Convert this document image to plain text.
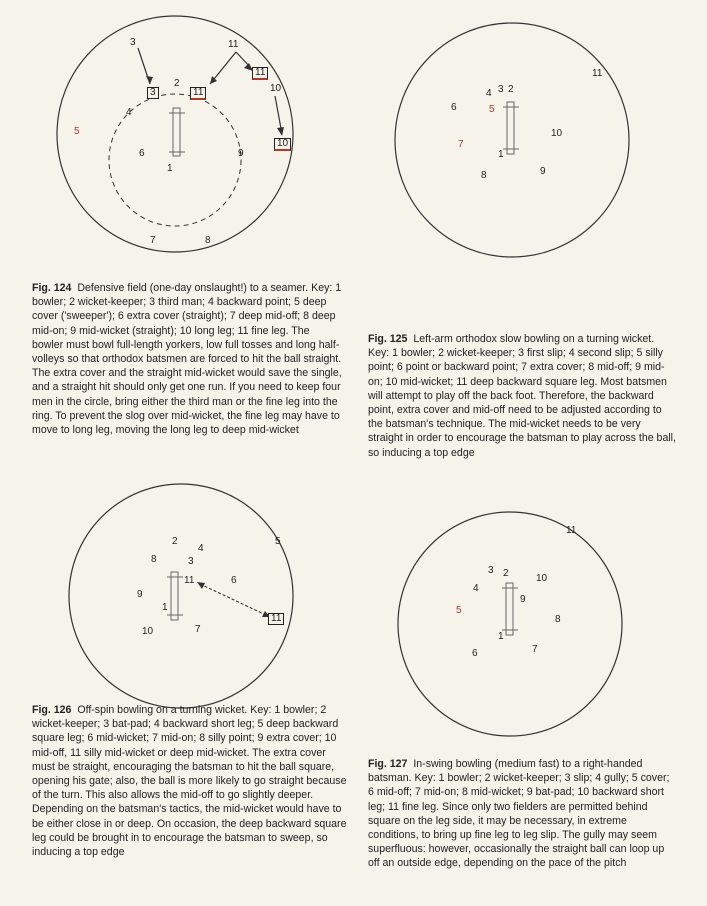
3	11
11
10
3
2
11
4
5
6
1
9
10
7	8
Fig. 124 Defensive field (one-day onslaught!) to a seamer. Key: 1 bowler; 2 wicket-keeper; 3 third man; 4 backward point; 5 deep cover ('sweeper'); 6 extra cover (straight); 7 deep mid-off; 8 deep mid-on; 9 mid-wicket (straight); 10 long leg; 11 fine leg. The bowler must bowl full-length yorkers, low full tosses and long half-volleys so that orthodox batsmen are forced to hit the ball straight. The extra cover and the straight mid-wicket would save the single, and a straight hit should only get one run. If you need to keep four men in the circle, bring either the third man or the fine leg into the ring. To prevent the slog over mid-wicket, the fine leg may have to move to long leg, moving the long leg to deep mid-wicket
11
4 3 2
6	5
10
7
1
9
8
Fig. 125 Left-arm orthodox slow bowling on a turning wicket. Key: 1 bowler; 2 wicket-keeper; 3 first slip; 4 second slip; 5 silly point; 6 point or backward point; 7 extra cover; 8 mid-off; 9 mid-on; 10 mid-wicket; 11 deep backward square leg. Most batsmen will attempt to play off the back foot. Therefore, the backward point, extra cover and mid-off need to be adjusted according to the batsman's technique. The mid-wicket needs to be very straight in order to encourage the batsman to play across the ball, so inducing a top edge
2
4
8	3
5
9
11	6
1
10	7
11
Fig. 126 Off-spin bowling on a turning wicket. Key: 1 bowler; 2 wicket-keeper; 3 bat-pad; 4 backward short leg; 5 deep backward square leg; 6 mid-wicket; 7 mid-on; 8 silly point; 9 extra cover; 10 mid-off, 11 silly mid-wicket or deep mid-wicket. The extra cover must be straight, encouraging the batsman to hit the ball square, opening his gate; also, the ball is more likely to go straight because of the turn. This also allows the mid-off to go slightly deeper. Depending on the batsman's tactics, the mid-wicket would have to be either close in or deep. On occasion, the deep backward square leg could be brought in to encourage the batsman to sweep, so inducing a top edge
11
3 2	10
4
9
5
8
1
6	7
Fig. 127 In-swing bowling (medium fast) to a right-handed batsman. Key: 1 bowler; 2 wicket-keeper; 3 slip; 4 gully; 5 cover; 6 mid-off; 7 mid-on; 8 mid-wicket; 9 bat-pad; 10 backward short leg; 11 fine leg. Since only two fielders are permitted behind square on the leg side, it may be necessary, in extreme conditions, to bring up fine leg to leg slip. The gully may seem superfluous: however, occasionally the straight ball can loop up off an outside edge, depending on the pace of the pitch
